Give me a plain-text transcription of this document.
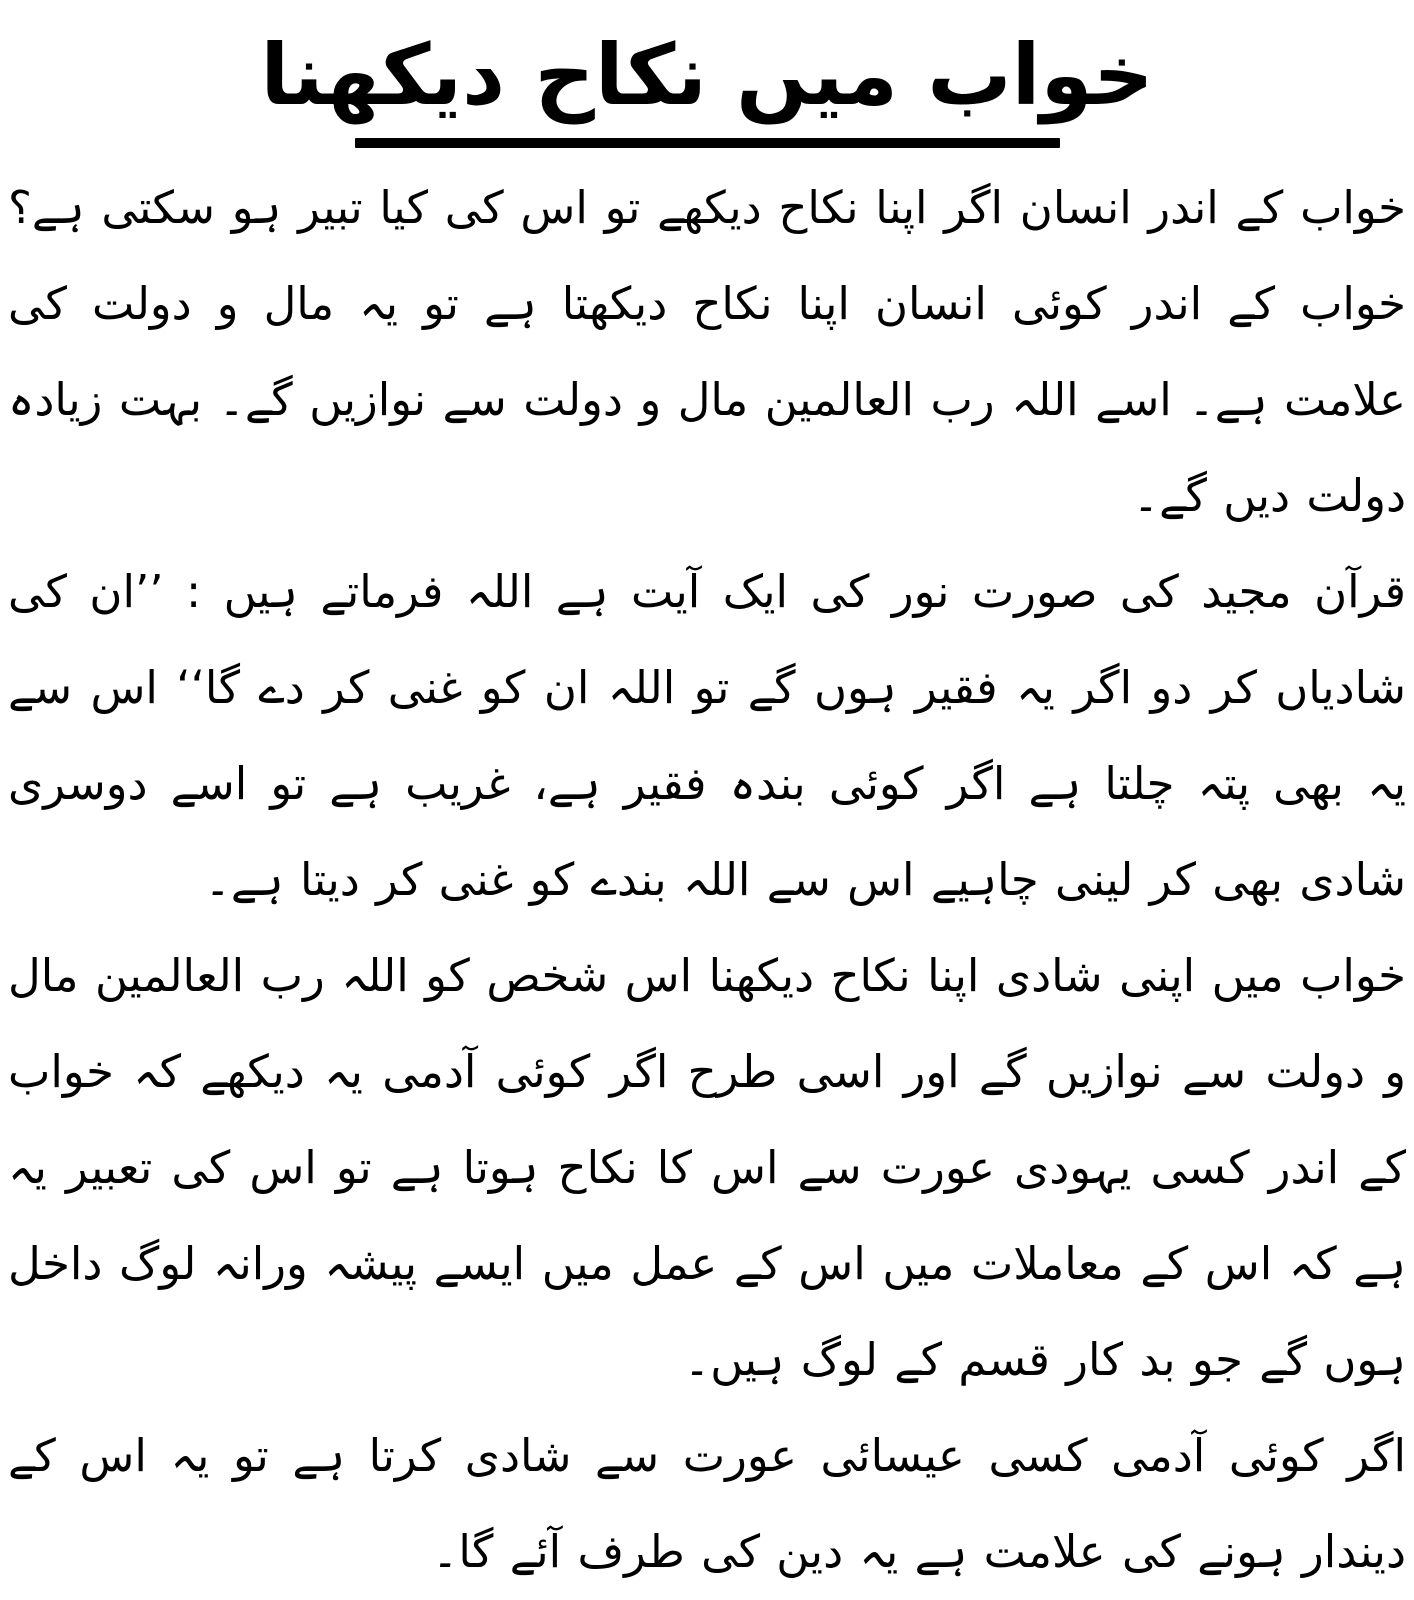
خواب میں نکاح دیکھنا

خواب کے اندر انسان اگر اپنا نکاح دیکھے تو اس کی کیا تبیر ہو سکتی ہے؟خواب کے اندر کوئی انسان اپنا نکاح دیکھتا ہے تو یہ مال و دولت کی علامت ہے۔ اسے اللہ رب العالمین مال و دولت سے نوازیں گے۔ بہت زیادہ دولت دیں گے۔

قرآن مجید کی صورت نور کی ایک آیت ہے اللہ فرماتے ہیں : ’’ان کی شادیاں کر دو اگر یہ فقیر ہوں گے تو اللہ ان کو غنی کر دے گا‘‘ اس سے یہ بھی پتہ چلتا ہے اگر کوئی بندہ فقیر ہے، غریب ہے تو اسے دوسری شادی بھی کر لینی چاہیے اس سے اللہ بندے کو غنی کر دیتا ہے۔

خواب میں اپنی شادی اپنا نکاح دیکھنا اس شخص کو اللہ رب العالمین مال و دولت سے نوازیں گے اور اسی طرح اگر کوئی آدمی یہ دیکھے کہ خواب کے اندر کسی یہودی عورت سے اس کا نکاح ہوتا ہے تو اس کی تعبیر یہ ہے کہ اس کے معاملات میں اس کے عمل میں ایسے پیشہ ورانہ لوگ داخل ہوں گے جو بد کار قسم کے لوگ ہیں۔

اگر کوئی آدمی کسی عیسائی عورت سے شادی کرتا ہے تو یہ اس کے دیندار ہونے کی علامت ہے یہ دین کی طرف آئے گا۔
